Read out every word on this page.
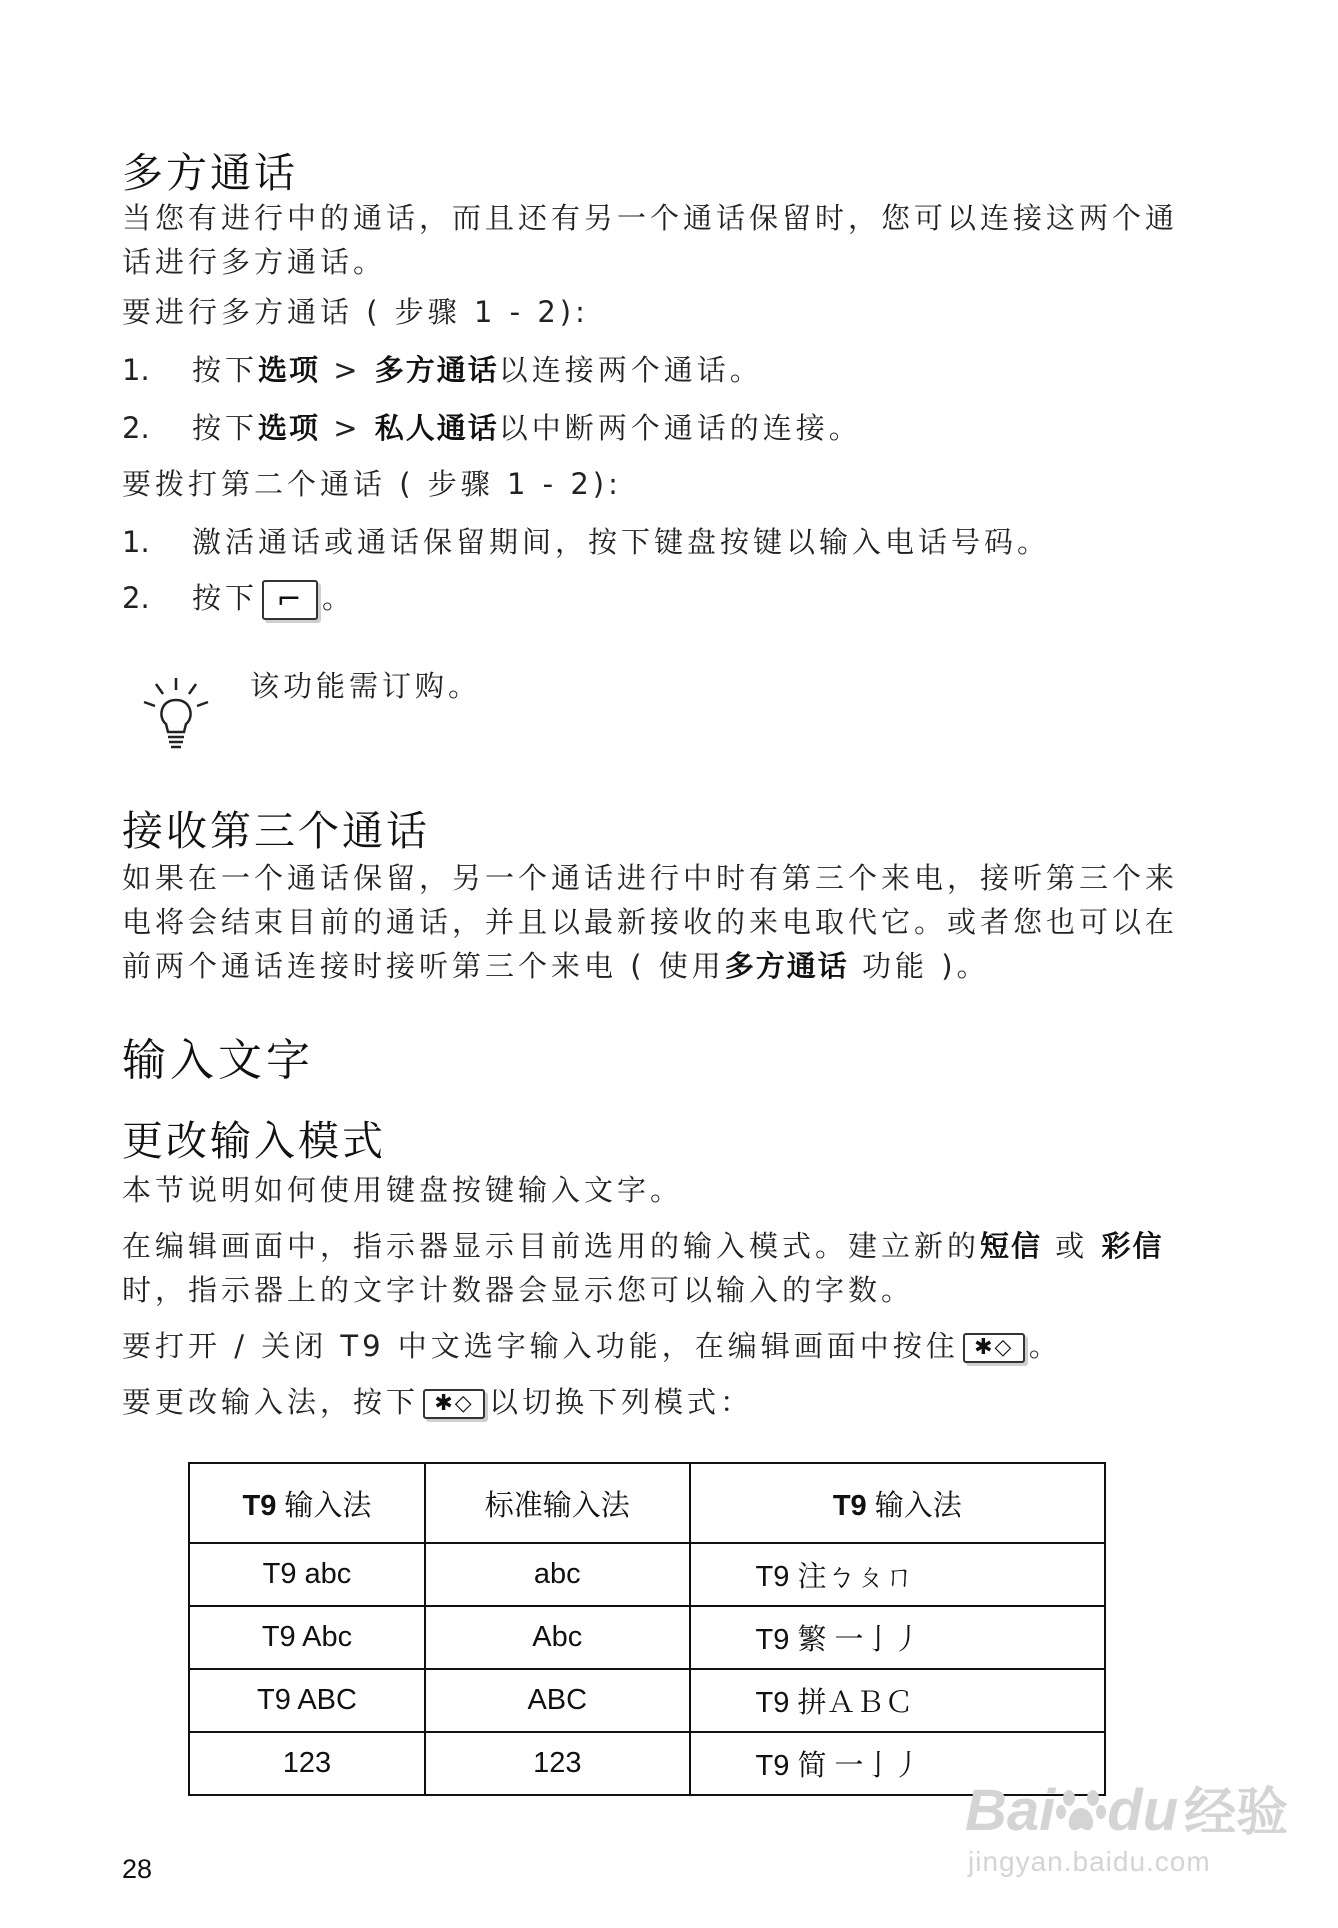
多方通话
当您有进行中的通话，而且还有另一个通话保留时，您可以连接这两个通
话进行多方通话。
要进行多方通话 ( 步骤 1 - 2):
1. 按下选项 > 多方通话以连接两个通话。
2. 按下选项 > 私人通话以中断两个通话的连接。
要拨打第二个通话 ( 步骤 1 - 2):
1. 激活通话或通话保留期间，按下键盘按键以输入电话号码。
2. 按下 ⌐ 。
该功能需订购。
接收第三个通话
如果在一个通话保留，另一个通话进行中时有第三个来电，接听第三个来
电将会结束目前的通话，并且以最新接收的来电取代它。或者您也可以在
前两个通话连接时接听第三个来电 ( 使用多方通话 功能 )。
输入文字
更改输入模式
本节说明如何使用键盘按键输入文字。
在编辑画面中，指示器显示目前选用的输入模式。建立新的短信 或 彩信
时，指示器上的文字计数器会显示您可以输入的字数。
要打开 / 关闭 T9 中文选字输入功能，在编辑画面中按住 ✱◇ 。
要更改输入法，按下 ✱◇ 以切换下列模式：
T9 输入法	标准输入法	T9 输入法
T9 abc	abc	T9 注ㄅㄆㄇ
T9 Abc	Abc	T9 繁 一亅丿
T9 ABC	ABC	T9 拼ＡＢＣ
123	123	T9 简 一亅丿
28
Bai du 经验
jingyan.baidu.com
